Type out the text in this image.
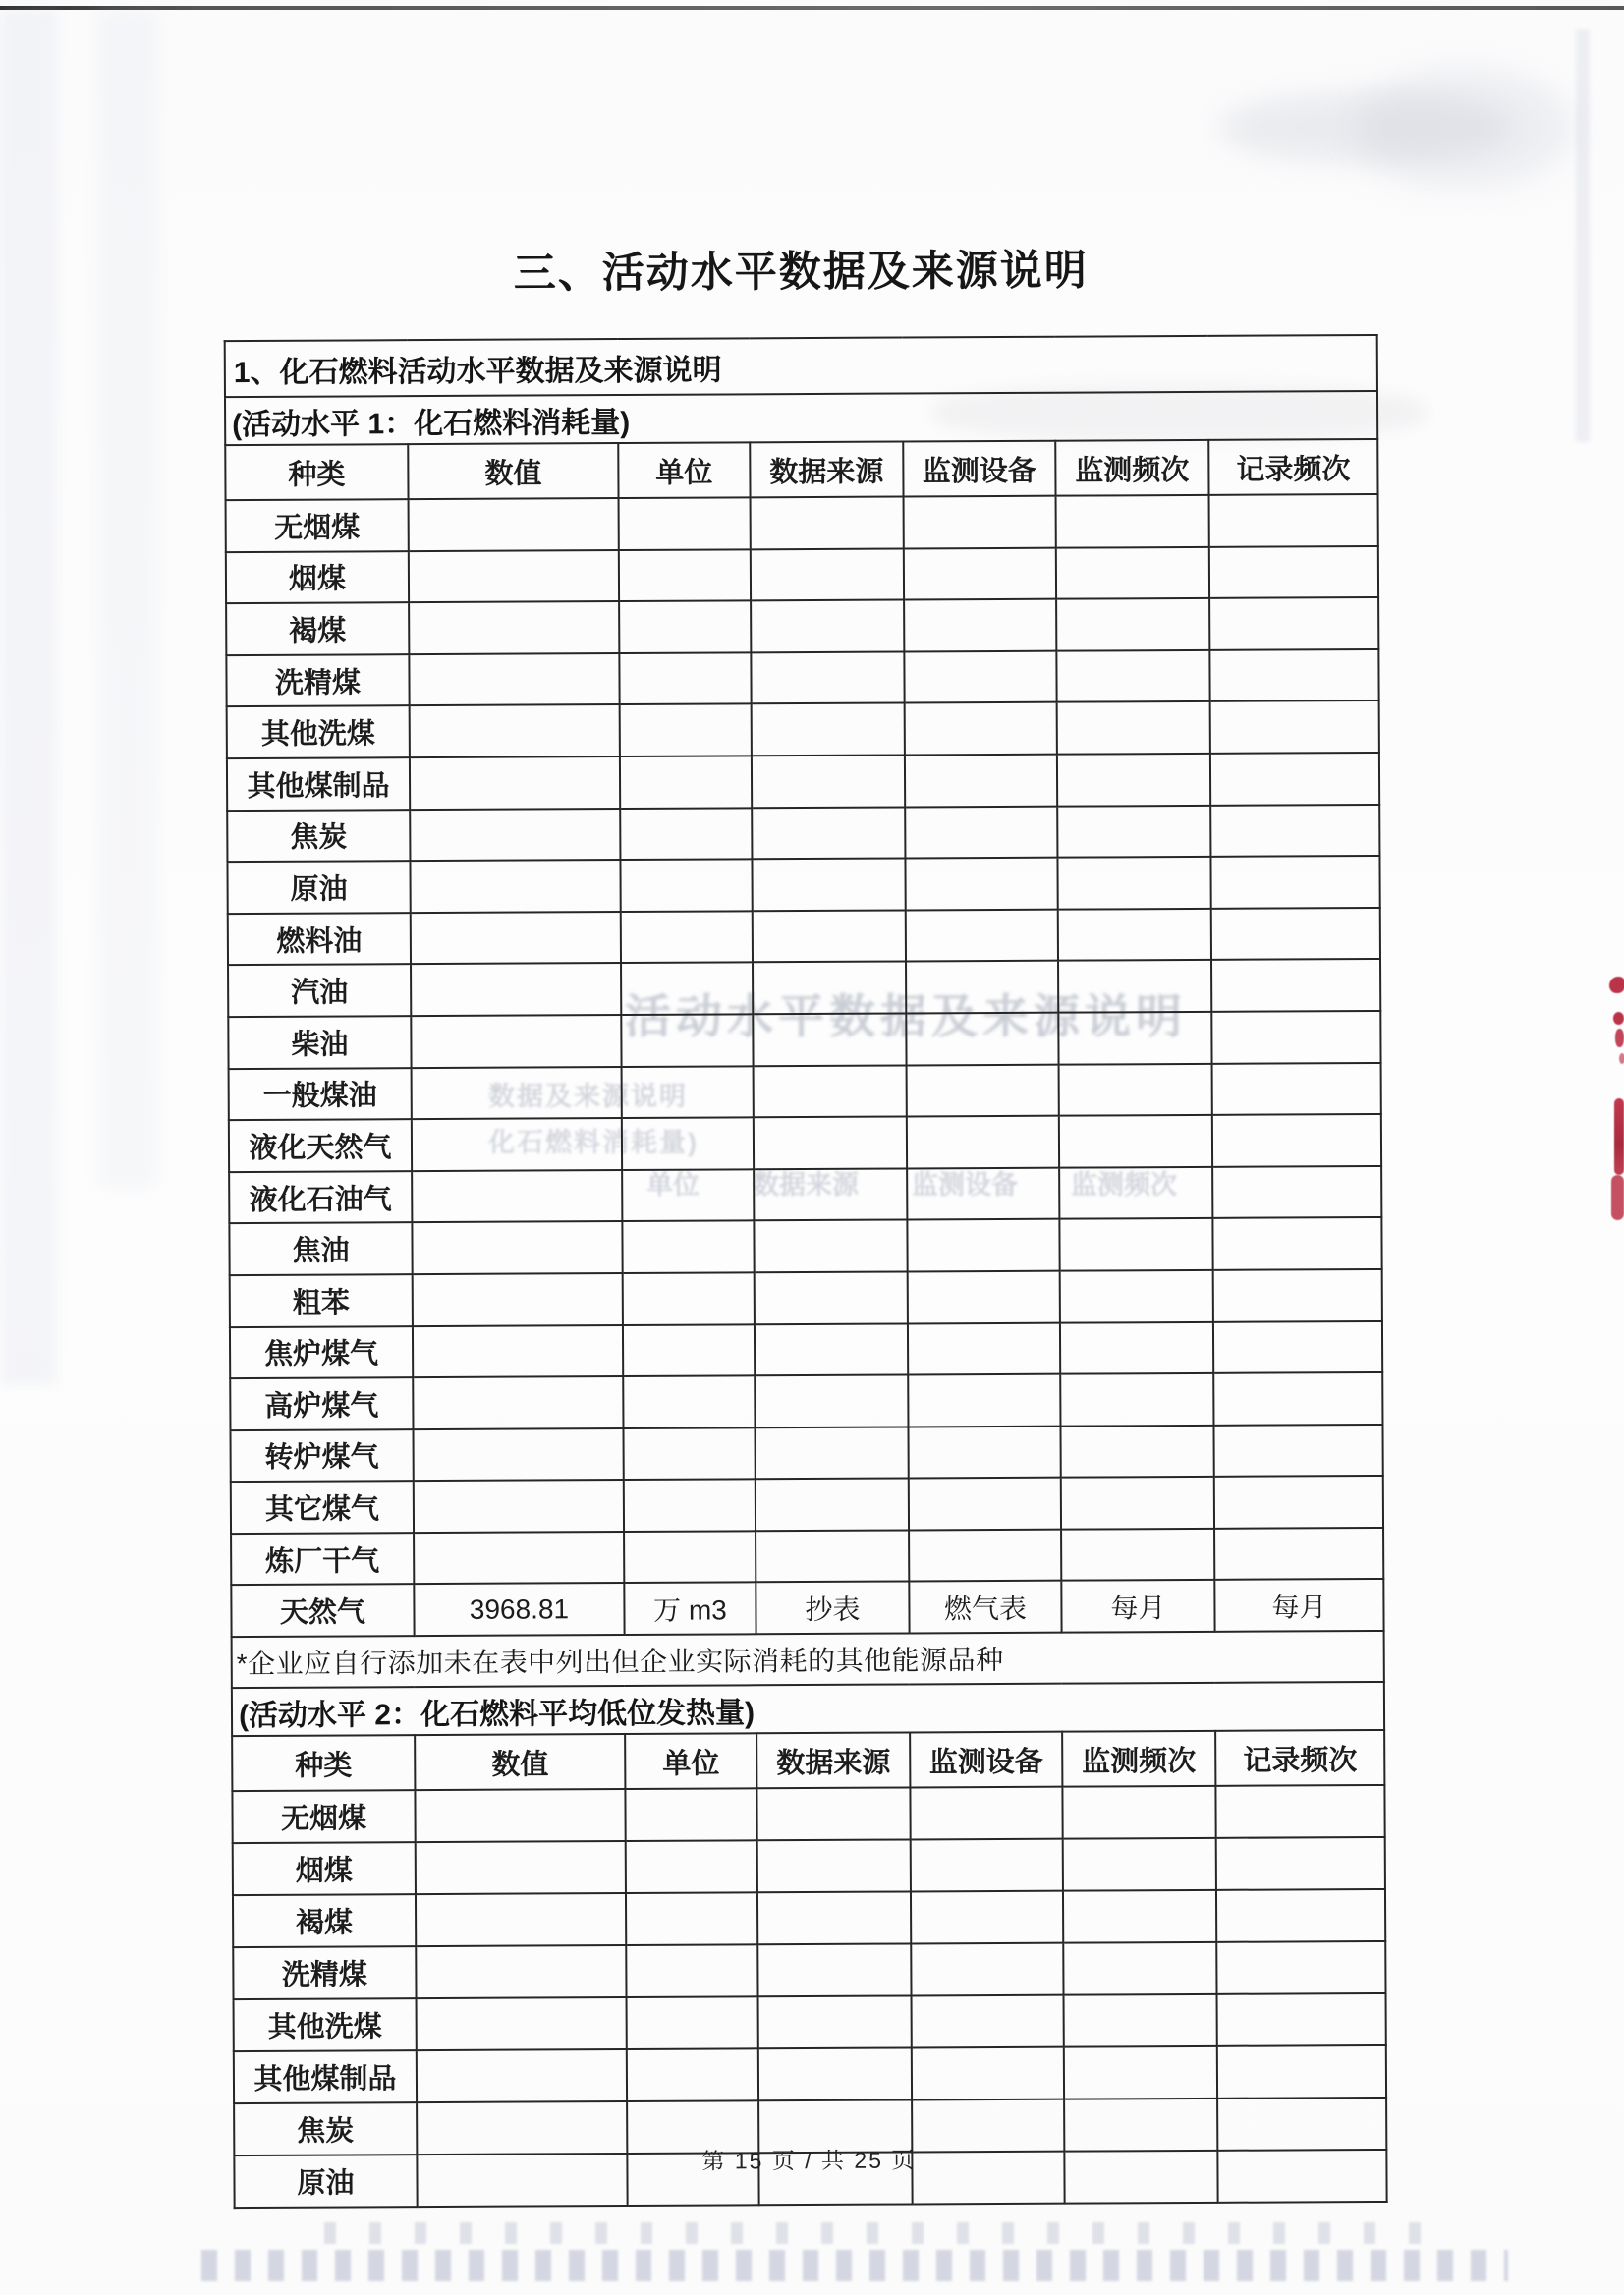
活动水平数据及来源说明
数据及来源说明
化石燃料消耗量)
单位　　数据来源　　监测设备　　监测频次
三、活动水平数据及来源说明
1、化石燃料活动水平数据及来源说明						
(活动水平 1：化石燃料消耗量)						
种类	数值	单位	数据来源	监测设备	监测频次	记录频次
无烟煤						
烟煤						
褐煤						
洗精煤						
其他洗煤						
其他煤制品						
焦炭						
原油						
燃料油						
汽油						
柴油						
一般煤油						
液化天然气						
液化石油气						
焦油						
粗苯						
焦炉煤气						
高炉煤气						
转炉煤气						
其它煤气						
炼厂干气						
天然气	3968.81	万 m3	抄表	燃气表	每月	每月
*企业应自行添加未在表中列出但企业实际消耗的其他能源品种						
(活动水平 2：化石燃料平均低位发热量)						
种类	数值	单位	数据来源	监测设备	监测频次	记录频次
无烟煤						
烟煤						
褐煤						
洗精煤						
其他洗煤						
其他煤制品						
焦炭						
原油						
第 15 页 / 共 25 页
